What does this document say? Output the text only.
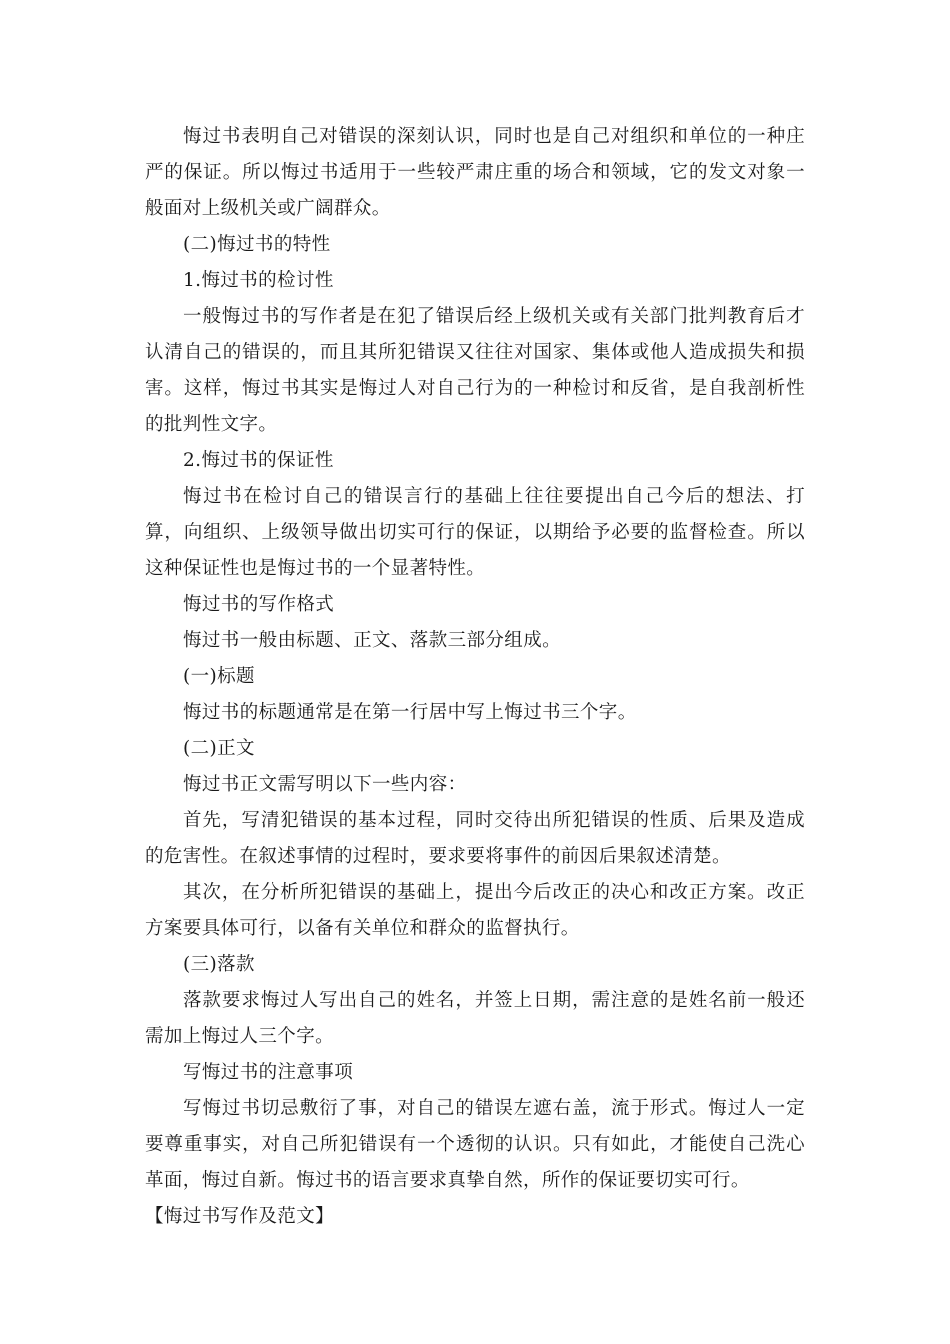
悔过书表明自己对错误的深刻认识，同时也是自己对组织和单位的一种庄严的保证。所以悔过书适用于一些较严肃庄重的场合和领域，它的发文对象一般面对上级机关或广阔群众。

(二)悔过书的特性

1.悔过书的检讨性

一般悔过书的写作者是在犯了错误后经上级机关或有关部门批判教育后才认清自己的错误的，而且其所犯错误又往往对国家、集体或他人造成损失和损害。这样，悔过书其实是悔过人对自己行为的一种检讨和反省，是自我剖析性的批判性文字。

2.悔过书的保证性

悔过书在检讨自己的错误言行的基础上往往要提出自己今后的想法、打算，向组织、上级领导做出切实可行的保证，以期给予必要的监督检查。所以这种保证性也是悔过书的一个显著特性。

悔过书的写作格式

悔过书一般由标题、正文、落款三部分组成。

(一)标题

悔过书的标题通常是在第一行居中写上悔过书三个字。

(二)正文

悔过书正文需写明以下一些内容：

首先，写清犯错误的基本过程，同时交待出所犯错误的性质、后果及造成的危害性。在叙述事情的过程时，要求要将事件的前因后果叙述清楚。

其次，在分析所犯错误的基础上，提出今后改正的决心和改正方案。改正方案要具体可行，以备有关单位和群众的监督执行。

(三)落款

落款要求悔过人写出自己的姓名，并签上日期，需注意的是姓名前一般还需加上悔过人三个字。

写悔过书的注意事项

写悔过书切忌敷衍了事，对自己的错误左遮右盖，流于形式。悔过人一定要尊重事实，对自己所犯错误有一个透彻的认识。只有如此，才能使自己洗心革面，悔过自新。悔过书的语言要求真挚自然，所作的保证要切实可行。

【悔过书写作及范文】
